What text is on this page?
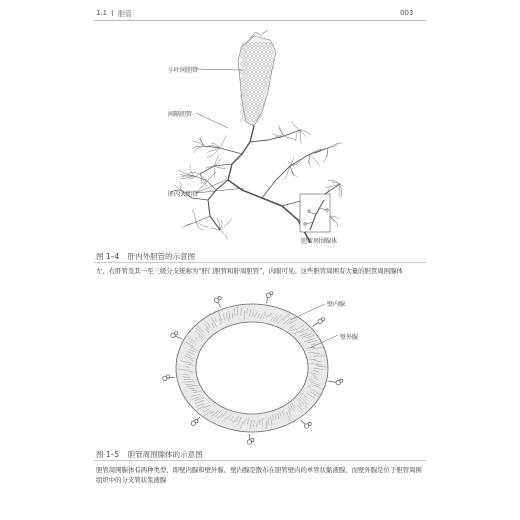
1.1 胆管	003
小叶间胆管
间隔胆管
肝内大胆管
胆管周围腺体
图 1–4 肝内外胆管的示意图
左、右肝管及其一至三级分支统称为“肝门胆管和肝周胆管”，肉眼可见。这些胆管周围有大量的胆管周围腺体
壁内腺
壁外腺
图 1–5 胆管周围腺体的示意图
胆管周围腺体有两种类型，即壁内腺和壁外腺。壁内腺是散布在胆管壁内的单管状黏液腺，而壁外腺是位于胆管周围组织中的分支管状浆液腺
